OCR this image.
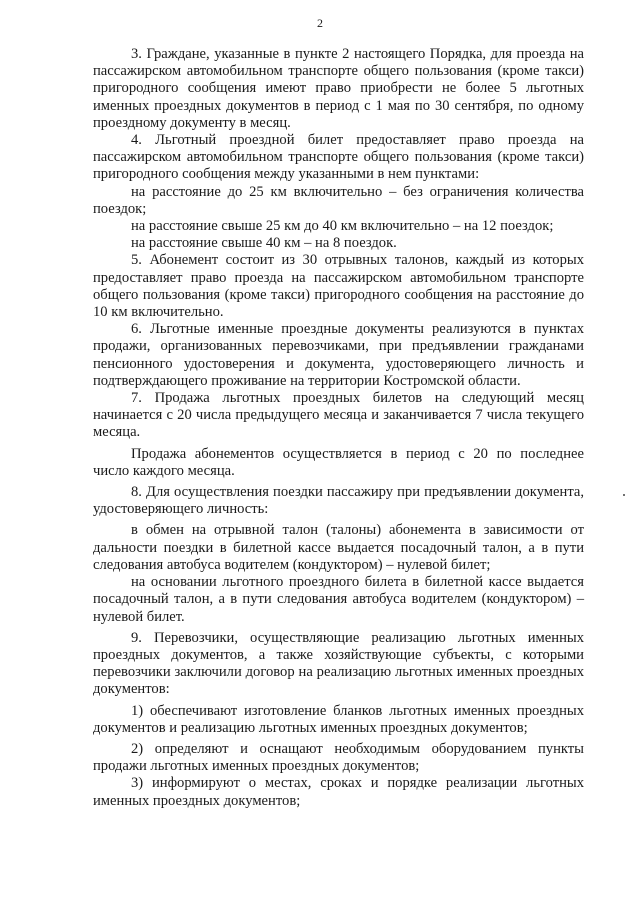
2

3. Граждане, указанные в пункте 2 настоящего Порядка, для проезда на пассажирском автомобильном транспорте общего пользования (кроме такси) пригородного сообщения имеют право приобрести не более 5 льготных именных проездных документов в период с 1 мая по 30 сентября, по одному проездному документу в месяц.

4. Льготный проездной билет предоставляет право проезда на пассажирском автомобильном транспорте общего пользования (кроме такси) пригородного сообщения между указанными в нем пунктами:

на расстояние до 25 км включительно – без ограничения количества поездок;

на расстояние свыше 25 км до 40 км включительно – на 12 поездок;

на расстояние свыше 40 км – на 8 поездок.

5. Абонемент состоит из 30 отрывных талонов, каждый из которых предоставляет право проезда на пассажирском автомобильном транспорте общего пользования (кроме такси) пригородного сообщения на расстояние до 10 км включительно.

6. Льготные именные проездные документы реализуются в пунктах продажи, организованных перевозчиками, при предъявлении гражданами пенсионного удостоверения и документа, удостоверяющего личность и подтверждающего проживание на территории Костромской области.

7. Продажа льготных проездных билетов на следующий месяц начинается с 20 числа предыдущего месяца и заканчивается 7 числа текущего месяца.

Продажа абонементов осуществляется в период с 20 по последнее число каждого месяца.

8. Для осуществления поездки пассажиру при предъявлении документа, удостоверяющего личность:

в обмен на отрывной талон (талоны) абонемента в зависимости от дальности поездки в билетной кассе выдается посадочный талон, а в пути следования автобуса водителем (кондуктором) – нулевой билет;

на основании льготного проездного билета в билетной кассе выдается посадочный талон, а в пути следования автобуса водителем (кондуктором) – нулевой билет.

9. Перевозчики, осуществляющие реализацию льготных именных проездных документов, а также хозяйствующие субъекты, с которыми перевозчики заключили договор на реализацию льготных именных проездных документов:

1) обеспечивают изготовление бланков льготных именных проездных документов и реализацию льготных именных проездных документов;

2) определяют и оснащают необходимым оборудованием пункты продажи льготных именных проездных документов;

3) информируют о местах, сроках и порядке реализации льготных именных проездных документов;
